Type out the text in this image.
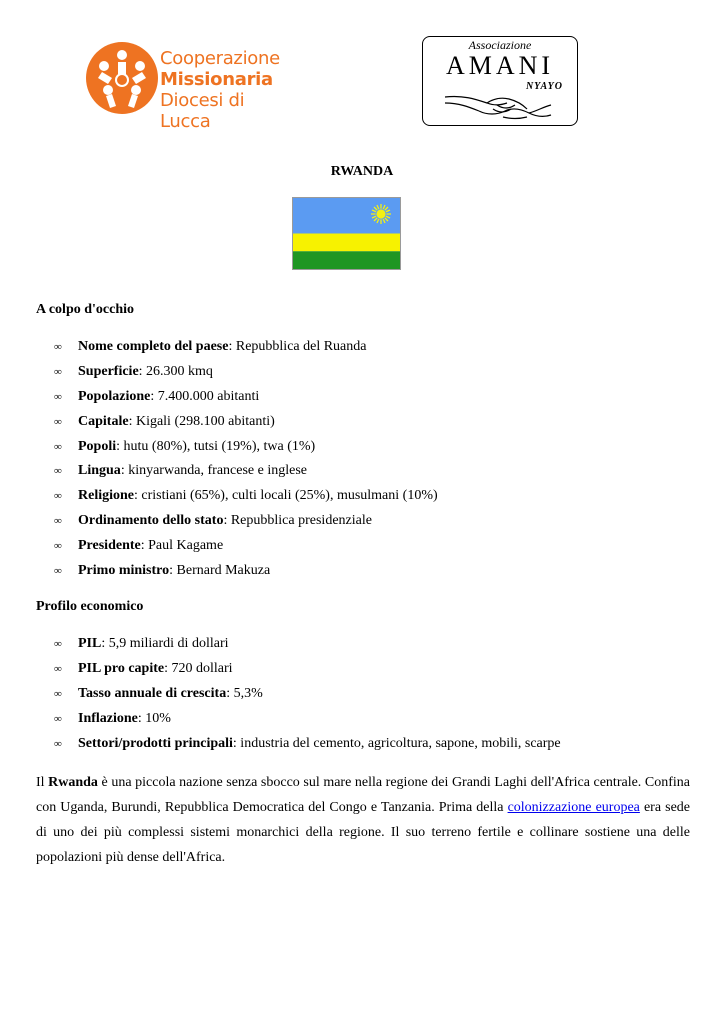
Cooperazione
Missionaria
Diocesi di Lucca
Associazione
AMANI
NYAYO
RWANDA
A colpo d'occhio
∞ Nome completo del paese: Repubblica del Ruanda
∞ Superficie: 26.300 kmq
∞ Popolazione: 7.400.000 abitanti
∞ Capitale: Kigali (298.100 abitanti)
∞ Popoli: hutu (80%), tutsi (19%), twa (1%)
∞ Lingua: kinyarwanda, francese e inglese
∞ Religione: cristiani (65%), culti locali (25%), musulmani (10%)
∞ Ordinamento dello stato: Repubblica presidenziale
∞ Presidente: Paul Kagame
∞ Primo ministro: Bernard Makuza
Profilo economico
∞ PIL: 5,9 miliardi di dollari
∞ PIL pro capite: 720 dollari
∞ Tasso annuale di crescita: 5,3%
∞ Inflazione: 10%
∞ Settori/prodotti principali: industria del cemento, agricoltura, sapone, mobili, scarpe

Il Rwanda è una piccola nazione senza sbocco sul mare nella regione dei Grandi Laghi dell'Africa centrale. Confina con Uganda, Burundi, Repubblica Democratica del Congo e Tanzania. Prima della colonizzazione europea era sede di uno dei più complessi sistemi monarchici della regione. Il suo terreno fertile e collinare sostiene una delle popolazioni più dense dell'Africa.
